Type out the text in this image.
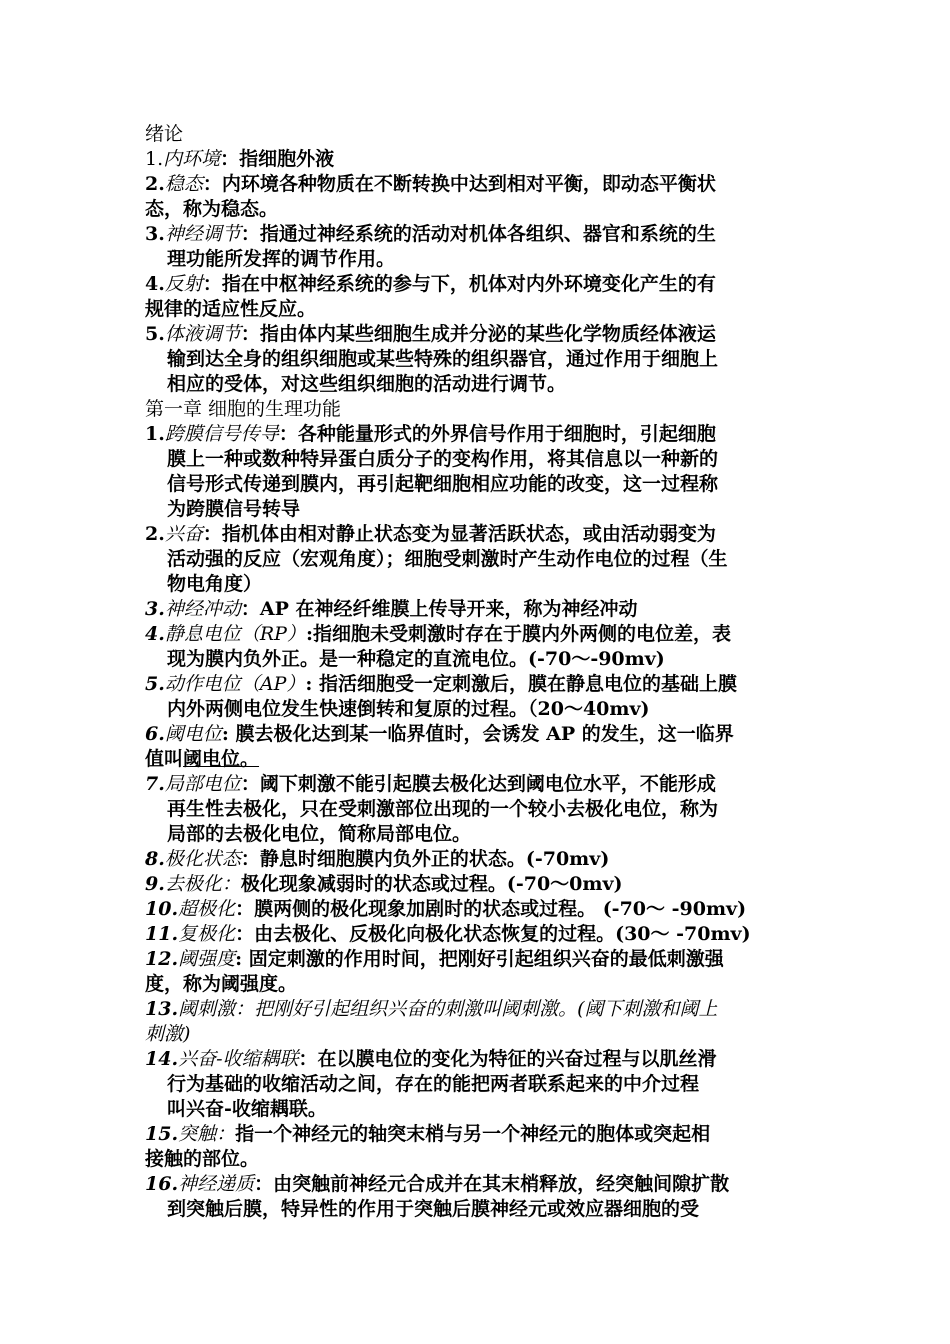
绪论
1.内环境：指细胞外液
2.稳态：内环境各种物质在不断转换中达到相对平衡，即动态平衡状
态，称为稳态。
3.神经调节：指通过神经系统的活动对机体各组织、器官和系统的生
理功能所发挥的调节作用。
4.反射：指在中枢神经系统的参与下，机体对内外环境变化产生的有
规律的适应性反应。
5.体液调节：指由体内某些细胞生成并分泌的某些化学物质经体液运
输到达全身的组织细胞或某些特殊的组织器官，通过作用于细胞上
相应的受体，对这些组织细胞的活动进行调节。
第一章 细胞的生理功能
1.跨膜信号传导：各种能量形式的外界信号作用于细胞时，引起细胞
膜上一种或数种特异蛋白质分子的变构作用，将其信息以一种新的
信号形式传递到膜内，再引起靶细胞相应功能的改变，这一过程称
为跨膜信号转导
2.兴奋：指机体由相对静止状态变为显著活跃状态，或由活动弱变为
活动强的反应（宏观角度）；细胞受刺激时产生动作电位的过程（生
物电角度）
3.神经冲动：AP 在神经纤维膜上传导开来，称为神经冲动
4.静息电位（RP）:指细胞未受刺激时存在于膜内外两侧的电位差，表
现为膜内负外正。是一种稳定的直流电位。(-70～-90mv)
5.动作电位（AP）: 指活细胞受一定刺激后，膜在静息电位的基础上膜
内外两侧电位发生快速倒转和复原的过程。（20～40mv)
6.阈电位: 膜去极化达到某一临界值时，会诱发 AP 的发生，这一临界
值叫阈电位。
7.局部电位：阈下刺激不能引起膜去极化达到阈电位水平，不能形成
再生性去极化，只在受刺激部位出现的一个较小去极化电位，称为
局部的去极化电位，简称局部电位。
8.极化状态：静息时细胞膜内负外正的状态。(-70mv)
9.去极化：极化现象减弱时的状态或过程。(-70～0mv)
10.超极化：膜两侧的极化现象加剧时的状态或过程。 (-70～ -90mv)
11.复极化：由去极化、反极化向极化状态恢复的过程。(30～ -70mv)
12.阈强度: 固定刺激的作用时间，把刚好引起组织兴奋的最低刺激强
度，称为阈强度。
13.阈刺激：把刚好引起组织兴奋的刺激叫阈刺激。(阈下刺激和阈上
刺激)
14.兴奋-收缩耦联：在以膜电位的变化为特征的兴奋过程与以肌丝滑
行为基础的收缩活动之间，存在的能把两者联系起来的中介过程
叫兴奋-收缩耦联。
15.突触：指一个神经元的轴突末梢与另一个神经元的胞体或突起相
接触的部位。
16.神经递质：由突触前神经元合成并在其末梢释放，经突触间隙扩散
到突触后膜，特异性的作用于突触后膜神经元或效应器细胞的受
